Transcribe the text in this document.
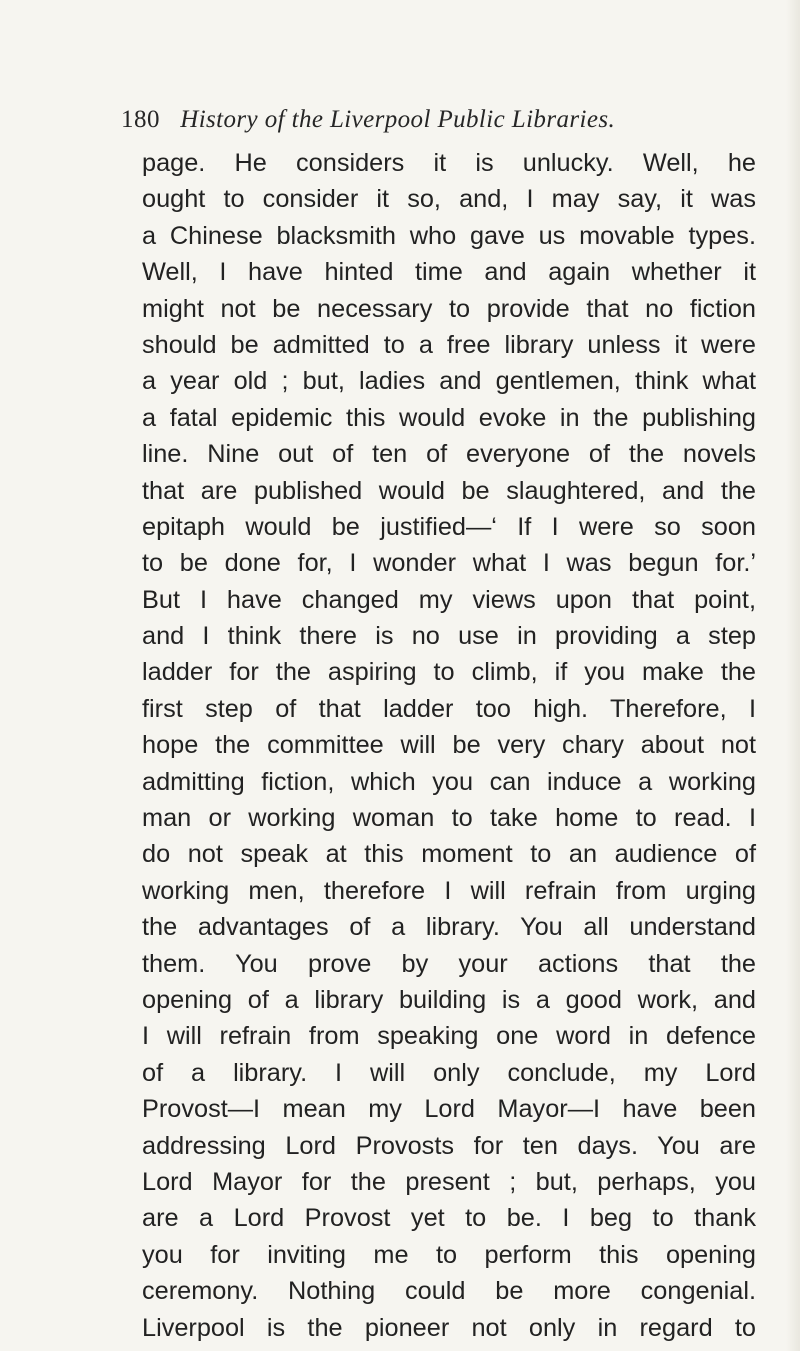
180 History of the Liverpool Public Libraries.
page. He considers it is unlucky. Well, he
ought to consider it so, and, I may say, it was
a Chinese blacksmith who gave us movable types.
Well, I have hinted time and again whether it
might not be necessary to provide that no fiction
should be admitted to a free library unless it were
a year old ; but, ladies and gentlemen, think what
a fatal epidemic this would evoke in the publishing
line. Nine out of ten of everyone of the novels
that are published would be slaughtered, and the
epitaph would be justified—‘ If I were so soon
to be done for, I wonder what I was begun for.’
But I have changed my views upon that point,
and I think there is no use in providing a step
ladder for the aspiring to climb, if you make the
first step of that ladder too high. Therefore, I
hope the committee will be very chary about not
admitting fiction, which you can induce a working
man or working woman to take home to read. I
do not speak at this moment to an audience of
working men, therefore I will refrain from urging
the advantages of a library. You all understand
them. You prove by your actions that the
opening of a library building is a good work, and
I will refrain from speaking one word in defence
of a library. I will only conclude, my Lord
Provost—I mean my Lord Mayor—I have been
addressing Lord Provosts for ten days. You are
Lord Mayor for the present ; but, perhaps, you
are a Lord Provost yet to be. I beg to thank
you for inviting me to perform this opening
ceremony. Nothing could be more congenial.
Liverpool is the pioneer not only in regard to
